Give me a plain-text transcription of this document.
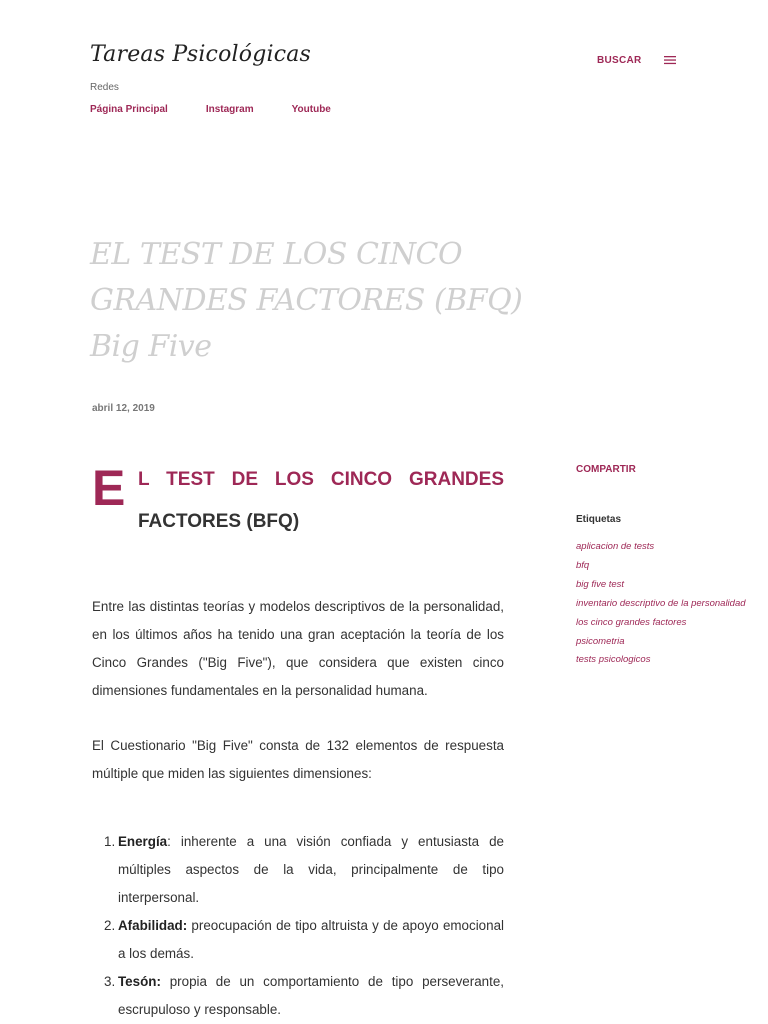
Tareas Psicológicas
Redes
Página Principal	Instagram	Youtube
BUSCAR
EL TEST DE LOS CINCO GRANDES FACTORES (BFQ) Big Five
abril 12, 2019
E L TEST DE LOS CINCO GRANDES
FACTORES (BFQ)

Entre las distintas teorías y modelos descriptivos de la personalidad, en los últimos años ha tenido una gran aceptación la teoría de los Cinco Grandes ("Big Five"), que considera que existen cinco dimensiones fundamentales en la personalidad humana.

El Cuestionario "Big Five" consta de 132 elementos de respuesta múltiple que miden las siguientes dimensiones:

1. Energía: inherente a una visión confiada y entusiasta de múltiples aspectos de la vida, principalmente de tipo interpersonal.
2. Afabilidad: preocupación de tipo altruista y de apoyo emocional a los demás.
3. Tesón: propia de un comportamiento de tipo perseverante, escrupuloso y responsable.
COMPARTIR
Etiquetas
aplicacion de tests
bfq
big five test
inventario descriptivo de la personalidad
los cinco grandes factores
psicometria
tests psicologicos
